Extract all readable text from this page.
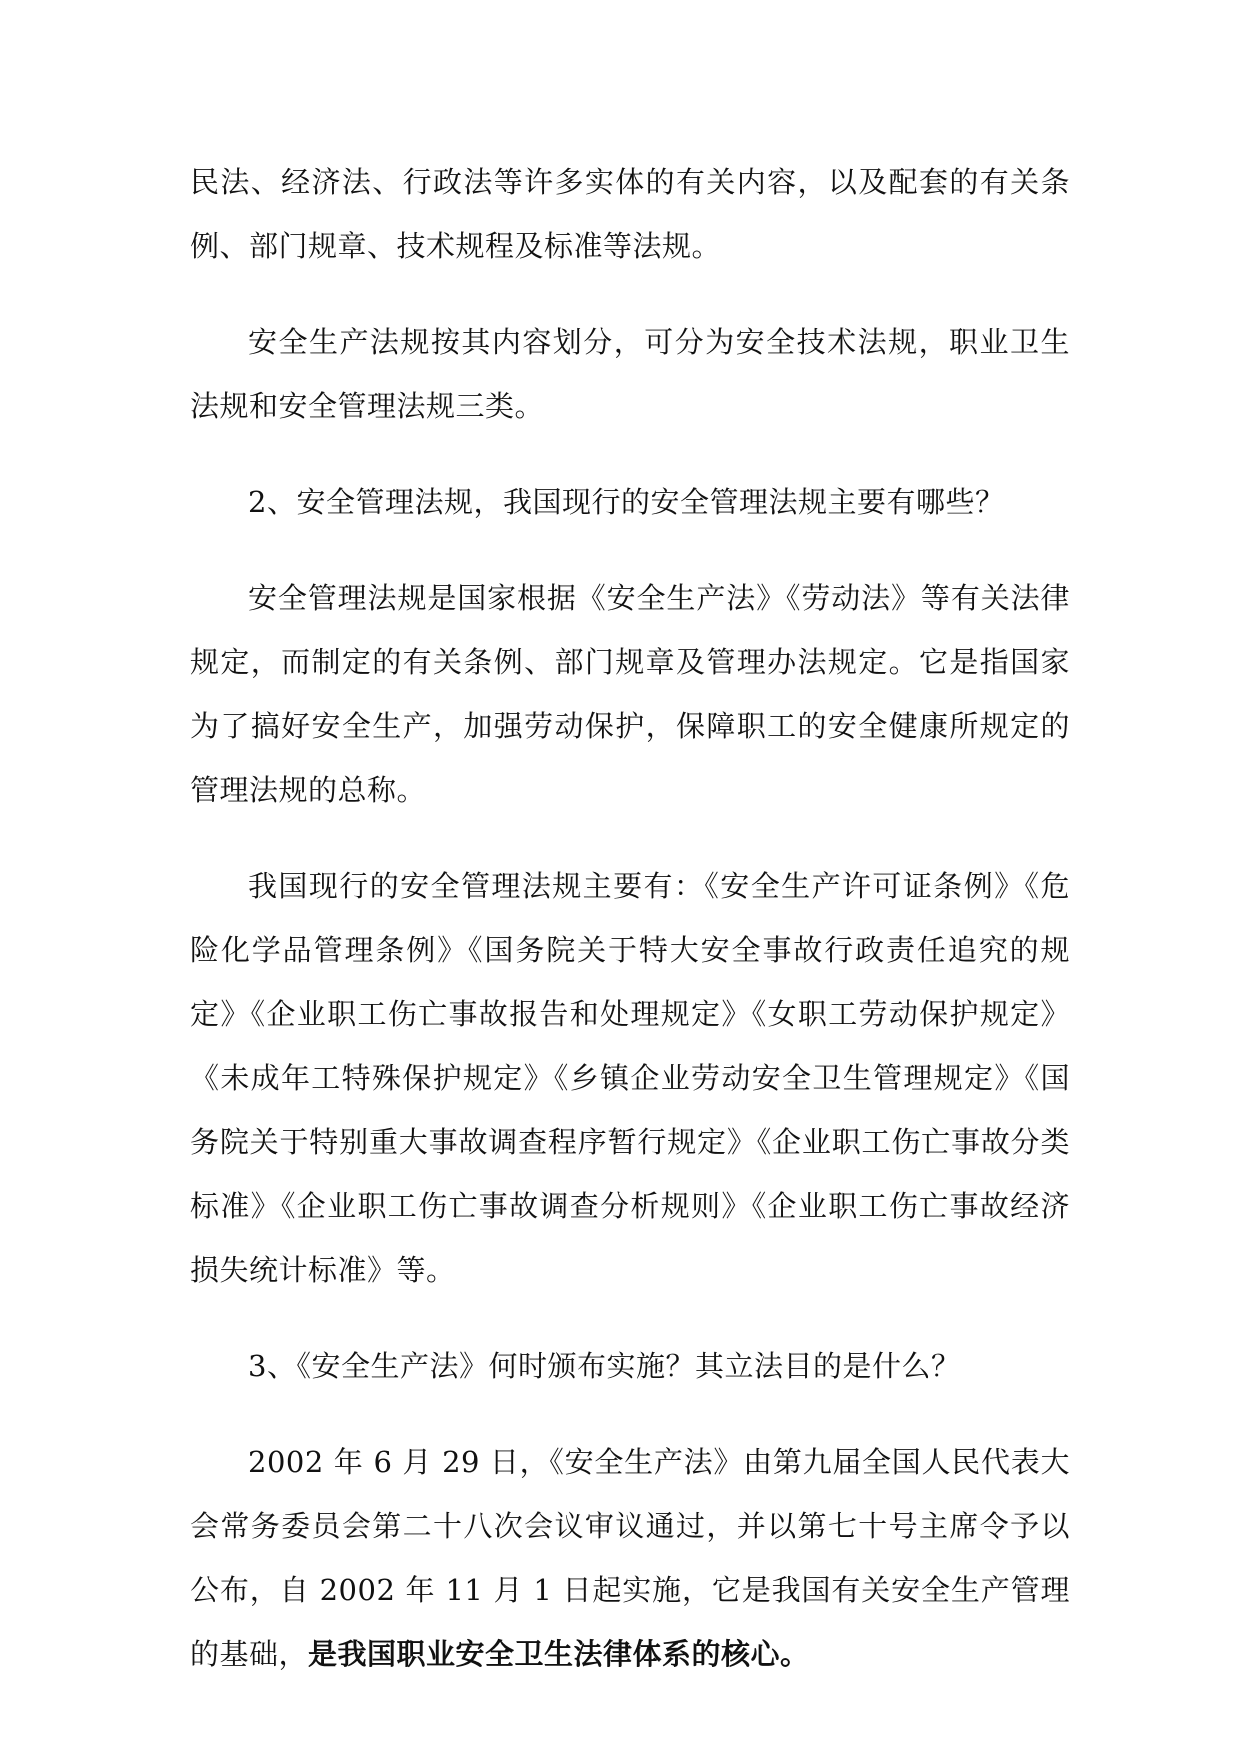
民法、经济法、行政法等许多实体的有关内容，以及配套的有关条例、部门规章、技术规程及标准等法规。

安全生产法规按其内容划分，可分为安全技术法规，职业卫生法规和安全管理法规三类。

2、安全管理法规，我国现行的安全管理法规主要有哪些？

安全管理法规是国家根据《安全生产法》《劳动法》等有关法律规定，而制定的有关条例、部门规章及管理办法规定。它是指国家为了搞好安全生产，加强劳动保护，保障职工的安全健康所规定的管理法规的总称。

我国现行的安全管理法规主要有：《安全生产许可证条例》《危险化学品管理条例》《国务院关于特大安全事故行政责任追究的规定》《企业职工伤亡事故报告和处理规定》《女职工劳动保护规定》《未成年工特殊保护规定》《乡镇企业劳动安全卫生管理规定》《国务院关于特别重大事故调查程序暂行规定》《企业职工伤亡事故分类标准》《企业职工伤亡事故调查分析规则》《企业职工伤亡事故经济损失统计标准》等。

3、《安全生产法》何时颁布实施？其立法目的是什么？

2002 年 6 月 29 日，《安全生产法》由第九届全国人民代表大会常务委员会第二十八次会议审议通过，并以第七十号主席令予以公布，自 2002 年 11 月 1 日起实施，它是我国有关安全生产管理的基础，是我国职业安全卫生法律体系的核心。
